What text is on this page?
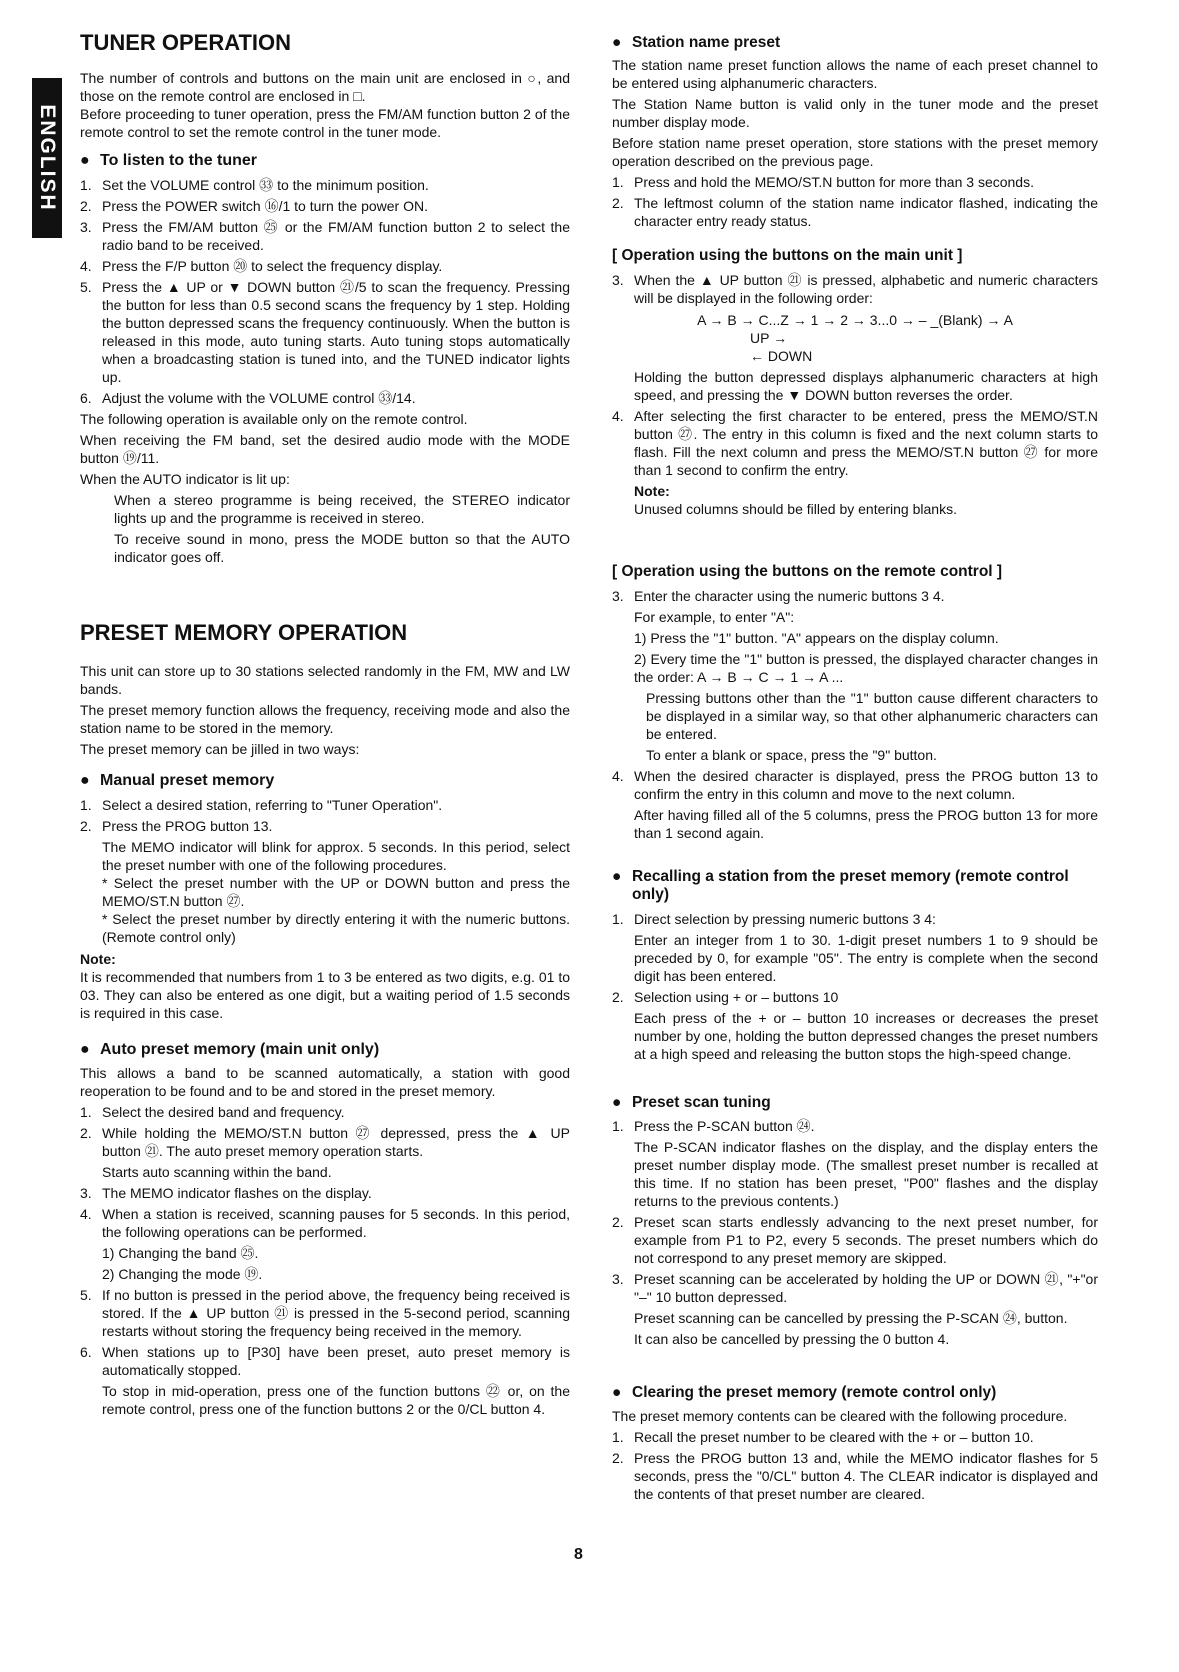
ENGLISH
TUNER OPERATION

The number of controls and buttons on the main unit are enclosed in ○, and those on the remote control are enclosed in □.

Before proceeding to tuner operation, press the FM/AM function button 2 of the remote control to set the remote control in the tuner mode.

● To listen to the tuner

1. Set the VOLUME control ㉝ to the minimum position.

2. Press the POWER switch ⑯/1 to turn the power ON.

3. Press the FM/AM button ㉕ or the FM/AM function button 2 to select the radio band to be received.

4. Press the F/P button ⑳ to select the frequency display.

5. Press the ▲ UP or ▼ DOWN button ㉑/5 to scan the frequency. Pressing the button for less than 0.5 second scans the frequency by 1 step. Holding the button depressed scans the frequency continuously. When the button is released in this mode, auto tuning starts. Auto tuning stops automatically when a broadcasting station is tuned into, and the TUNED indicator lights up.

6. Adjust the volume with the VOLUME control ㉝/14.

The following operation is available only on the remote control.

When receiving the FM band, set the desired audio mode with the MODE button ⑲/11.

When the AUTO indicator is lit up:

When a stereo programme is being received, the STEREO indicator lights up and the programme is received in stereo.

To receive sound in mono, press the MODE button so that the AUTO indicator goes off.

PRESET MEMORY OPERATION

This unit can store up to 30 stations selected randomly in the FM, MW and LW bands.

The preset memory function allows the frequency, receiving mode and also the station name to be stored in the memory.

The preset memory can be jilled in two ways:

● Manual preset memory

1. Select a desired station, referring to "Tuner Operation".

2. Press the PROG button 13.

The MEMO indicator will blink for approx. 5 seconds. In this period, select the preset number with one of the following procedures.

* Select the preset number with the UP or DOWN button and press the MEMO/ST.N button ㉗.

* Select the preset number by directly entering it with the numeric buttons. (Remote control only)

Note:

It is recommended that numbers from 1 to 3 be entered as two digits, e.g. 01 to 03. They can also be entered as one digit, but a waiting period of 1.5 seconds is required in this case.

● Auto preset memory (main unit only)

This allows a band to be scanned automatically, a station with good reoperation to be found and to be and stored in the preset memory.

1. Select the desired band and frequency.

2. While holding the MEMO/ST.N button ㉗ depressed, press the ▲ UP button ㉑. The auto preset memory operation starts.

Starts auto scanning within the band.

3. The MEMO indicator flashes on the display.

4. When a station is received, scanning pauses for 5 seconds. In this period, the following operations can be performed.

1) Changing the band ㉕.

2) Changing the mode ⑲.

5. If no button is pressed in the period above, the frequency being received is stored. If the ▲ UP button ㉑ is pressed in the 5-second period, scanning restarts without storing the frequency being received in the memory.

6. When stations up to [P30] have been preset, auto preset memory is automatically stopped.

To stop in mid-operation, press one of the function buttons ㉒ or, on the remote control, press one of the function buttons 2 or the 0/CL button 4.

● Station name preset

The station name preset function allows the name of each preset channel to be entered using alphanumeric characters.

The Station Name button is valid only in the tuner mode and the preset number display mode.

Before station name preset operation, store stations with the preset memory operation described on the previous page.

1. Press and hold the MEMO/ST.N button for more than 3 seconds.

2. The leftmost column of the station name indicator flashed, indicating the character entry ready status.

[ Operation using the buttons on the main unit ]

3. When the ▲ UP button ㉑ is pressed, alphabetic and numeric characters will be displayed in the following order:

A → B → C...Z → 1 → 2 → 3...0 → – _(Blank) → A

UP →

← DOWN

Holding the button depressed displays alphanumeric characters at high speed, and pressing the ▼ DOWN button reverses the order.

4. After selecting the first character to be entered, press the MEMO/ST.N button ㉗. The entry in this column is fixed and the next column starts to flash. Fill the next column and press the MEMO/ST.N button ㉗ for more than 1 second to confirm the entry.

Note:

Unused columns should be filled by entering blanks.

[ Operation using the buttons on the remote control ]

3. Enter the character using the numeric buttons 3 4.

For example, to enter "A":

1) Press the "1" button. "A" appears on the display column.

2) Every time the "1" button is pressed, the displayed character changes in the order: A → B → C → 1 → A ...

Pressing buttons other than the "1" button cause different characters to be displayed in a similar way, so that other alphanumeric characters can be entered.

To enter a blank or space, press the "9" button.

4. When the desired character is displayed, press the PROG button 13 to confirm the entry in this column and move to the next column.

After having filled all of the 5 columns, press the PROG button 13 for more than 1 second again.

● Recalling a station from the preset memory (remote control only)

1. Direct selection by pressing numeric buttons 3 4:

Enter an integer from 1 to 30. 1-digit preset numbers 1 to 9 should be preceded by 0, for example "05". The entry is complete when the second digit has been entered.

2. Selection using + or – buttons 10

Each press of the + or – button 10 increases or decreases the preset number by one, holding the button depressed changes the preset numbers at a high speed and releasing the button stops the high-speed change.

● Preset scan tuning

1. Press the P-SCAN button ㉔.

The P-SCAN indicator flashes on the display, and the display enters the preset number display mode. (The smallest preset number is recalled at this time. If no station has been preset, "P00" flashes and the display returns to the previous contents.)

2. Preset scan starts endlessly advancing to the next preset number, for example from P1 to P2, every 5 seconds. The preset numbers which do not correspond to any preset memory are skipped.

3. Preset scanning can be accelerated by holding the UP or DOWN ㉑, "+"or "–" 10 button depressed.

Preset scanning can be cancelled by pressing the P-SCAN ㉔, button.

It can also be cancelled by pressing the 0 button 4.

● Clearing the preset memory (remote control only)

The preset memory contents can be cleared with the following procedure.

1. Recall the preset number to be cleared with the + or – button 10.

2. Press the PROG button 13 and, while the MEMO indicator flashes for 5 seconds, press the "0/CL" button 4. The CLEAR indicator is displayed and the contents of that preset number are cleared.

8
